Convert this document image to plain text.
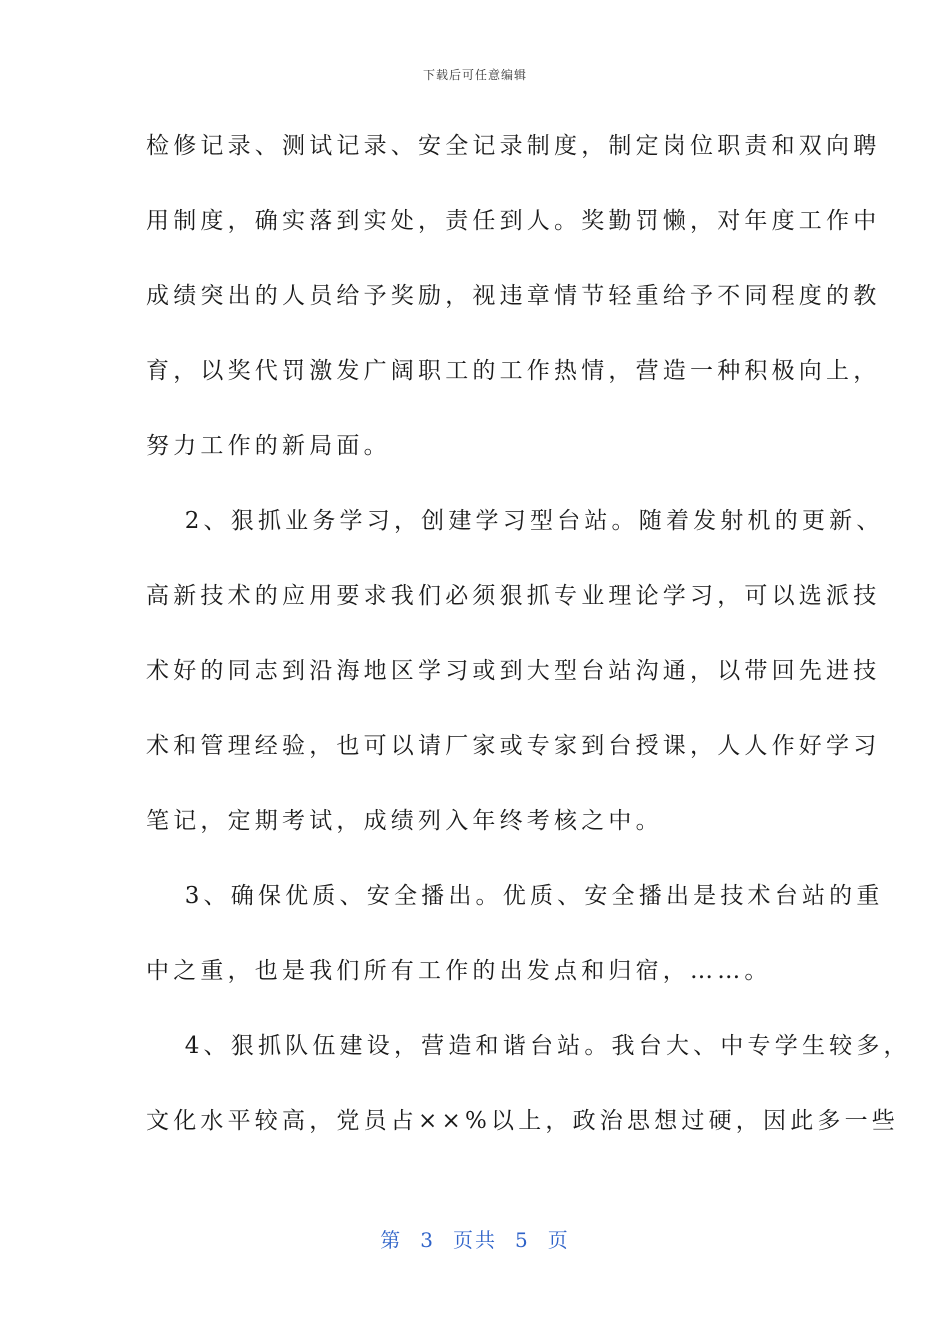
下载后可任意编辑
检修记录、测试记录、安全记录制度，制定岗位职责和双向聘
用制度，确实落到实处，责任到人。奖勤罚懒，对年度工作中
成绩突出的人员给予奖励，视违章情节轻重给予不同程度的教
育，以奖代罚激发广阔职工的工作热情，营造一种积极向上，
努力工作的新局面。
　 2、狠抓业务学习，创建学习型台站。随着发射机的更新、
高新技术的应用要求我们必须狠抓专业理论学习，可以选派技
术好的同志到沿海地区学习或到大型台站沟通，以带回先进技
术和管理经验，也可以请厂家或专家到台授课，人人作好学习
笔记，定期考试，成绩列入年终考核之中。
　 3、确保优质、安全播出。优质、安全播出是技术台站的重
中之重，也是我们所有工作的出发点和归宿，……。
　 4、狠抓队伍建设，营造和谐台站。我台大、中专学生较多，
文化水平较高，党员占××%以上，政治思想过硬，因此多一些
第 3 页共 5 页
